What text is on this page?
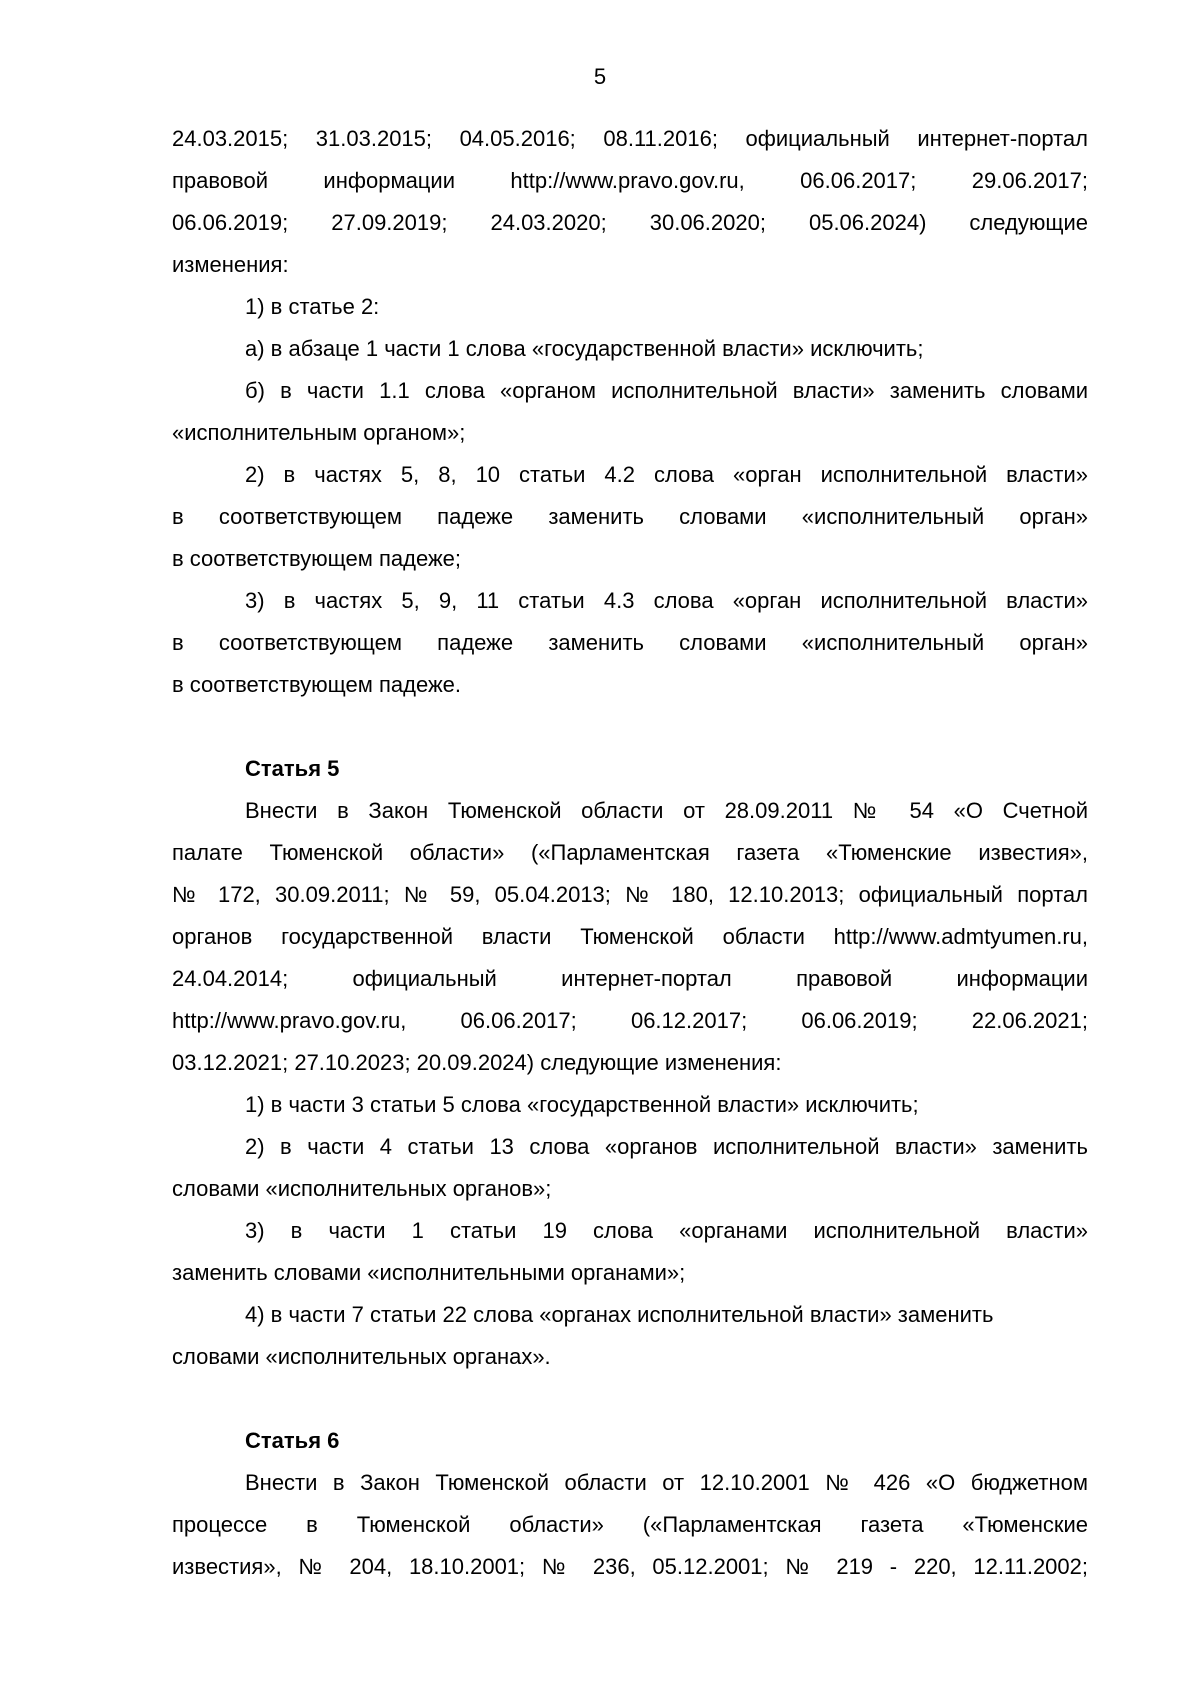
5
24.03.2015; 31.03.2015; 04.05.2016; 08.11.2016; официальный интернет-портал
правовой информации http://www.pravo.gov.ru, 06.06.2017; 29.06.2017;
06.06.2019; 27.09.2019; 24.03.2020; 30.06.2020; 05.06.2024) следующие
изменения:
1) в статье 2:
а) в абзаце 1 части 1 слова «государственной власти» исключить;
б) в части 1.1 слова «органом исполнительной власти» заменить словами
«исполнительным органом»;
2) в частях 5, 8, 10 статьи 4.2 слова «орган исполнительной власти»
в соответствующем падеже заменить словами «исполнительный орган»
в соответствующем падеже;
3) в частях 5, 9, 11 статьи 4.3 слова «орган исполнительной власти»
в соответствующем падеже заменить словами «исполнительный орган»
в соответствующем падеже.
Статья 5
Внести в Закон Тюменской области от 28.09.2011 № 54 «О Счетной
палате Тюменской области» («Парламентская газета «Тюменские известия»,
№ 172, 30.09.2011; № 59, 05.04.2013; № 180, 12.10.2013; официальный портал
органов государственной власти Тюменской области http://www.admtyumen.ru,
24.04.2014; официальный интернет-портал правовой информации
http://www.pravo.gov.ru, 06.06.2017; 06.12.2017; 06.06.2019; 22.06.2021;
03.12.2021; 27.10.2023; 20.09.2024) следующие изменения:
1) в части 3 статьи 5 слова «государственной власти» исключить;
2) в части 4 статьи 13 слова «органов исполнительной власти» заменить
словами «исполнительных органов»;
3) в части 1 статьи 19 слова «органами исполнительной власти»
заменить словами «исполнительными органами»;
4) в части 7 статьи 22 слова «органах исполнительной власти» заменить
словами «исполнительных органах».
Статья 6
Внести в Закон Тюменской области от 12.10.2001 № 426 «О бюджетном
процессе в Тюменской области» («Парламентская газета «Тюменские
известия», № 204, 18.10.2001; № 236, 05.12.2001; № 219 - 220, 12.11.2002;
